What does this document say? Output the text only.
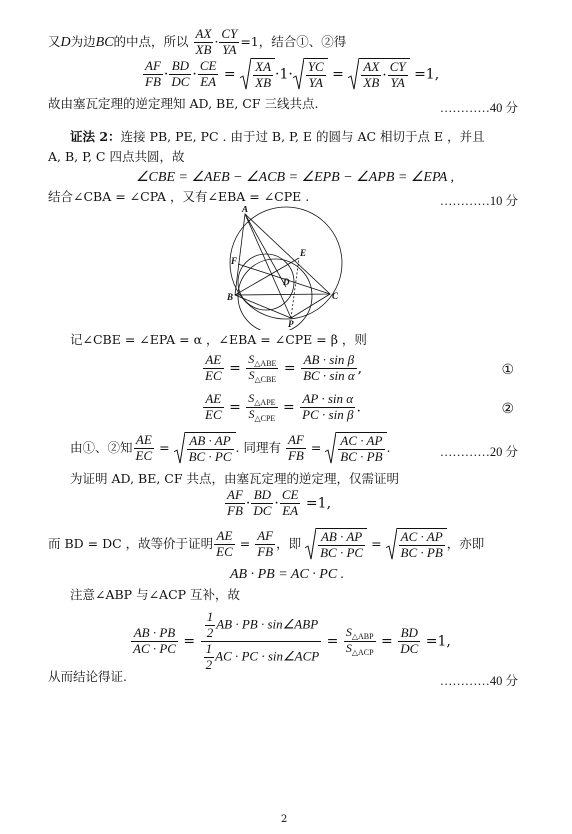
又D为边BC的中点，所以 $\frac{AX}{XB} \cdot \frac{CY}{YA} =1$，结合①、②得
$\frac{AF}{FB} \cdot \frac{BD}{DC} \cdot \frac{CE}{EA} = \frac{XA}{XB} \cdot 1\cdot \frac{YC}{YA} = \frac{AX}{XB} \cdot \frac{CY}{YA} =1$,
故由塞瓦定理的逆定理知 AD, BE, CF 三线共点.	…………40 分
证法 2：连接 PB, PE, PC . 由于过 B, P, E 的圆与 AC 相切于点 E ，并且
A, B, P, C 四点共圆，故
∠CBE = ∠AEB − ∠ACB = ∠EPB − ∠APB = ∠EPA ,
结合∠CBA = ∠CPA ，又有∠EBA = ∠CPE .	…………10 分
A
F
E
D
B	C
P
记∠CBE = ∠EPA = α ，∠EBA = ∠CPE = β ，则
$\frac{AE}{EC} = \frac{S_{\triangle ABE}}{S_{\triangle CBE}} = \frac{\text{AB · sin β}}{\text{BC · sin α}}$ ,	①
$\frac{AE}{EC} = \frac{S_{\triangle APE}}{S_{\triangle CPE}} = \frac{\text{AP · sin α}}{\text{PC · sin β}}$ .	②
由①、②知 $\frac{AE}{EC} = \frac{AB \cdot AP}{BC \cdot PC}$ . 同理有 $\frac{AF}{FB} = \frac{AC \cdot AP}{BC \cdot PB}$ .	…………20 分
为证明 AD, BE, CF 共点，由塞瓦定理的逆定理，仅需证明
$\frac{AF}{FB} \cdot \frac{BD}{DC} \cdot \frac{CE}{EA} =1$,
而 BD = DC ，故等价于证明 $\frac{AE}{EC} = \frac{AF}{FB}$ ，即 $\frac{AB \cdot AP}{BC \cdot PC} = \frac{AC \cdot AP}{BC \cdot PB}$ ，亦即
AB · PB = AC · PC .
注意∠ABP 与∠ACP 互补，故
$\frac{AB \cdot PB}{AC \cdot PC} = \frac{\frac{1}{2} AB \cdot PB \cdot \sin\angle ABP}{\frac{1}{2} AC \cdot PC \cdot \sin\angle ACP} = \frac{S_{\triangle ABP}}{S_{\triangle ACP}} = \frac{BD}{DC} =1$,
从而结论得证.	…………40 分
2
